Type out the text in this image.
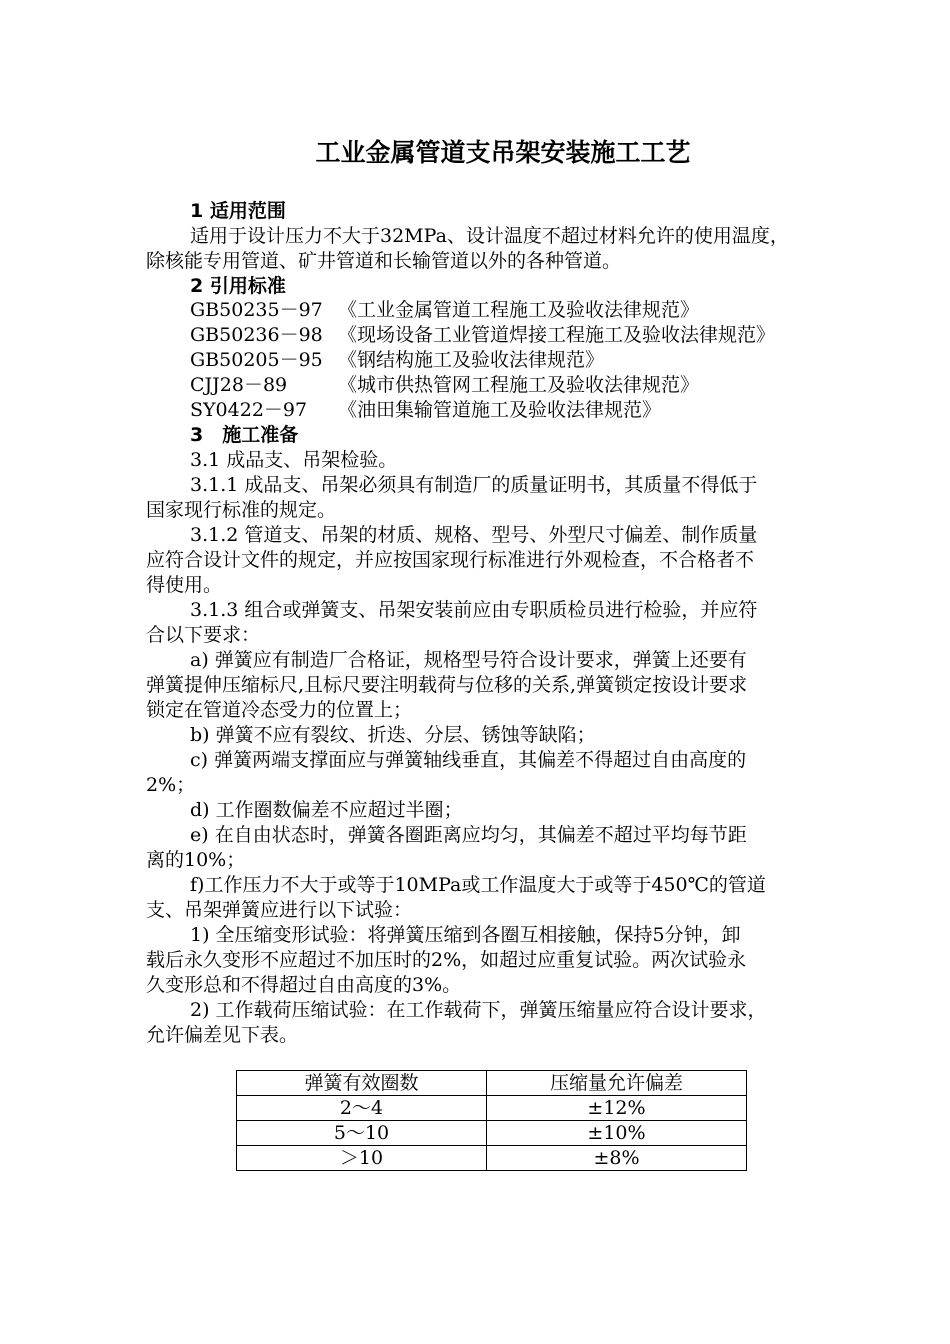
工业金属管道支吊架安装施工工艺
1 适用范围
适用于设计压力不大于32MPa、设计温度不超过材料允许的使用温度，
除核能专用管道、矿井管道和长输管道以外的各种管道。
2 引用标准
GB50235－97 《工业金属管道工程施工及验收法律规范》
GB50236－98 《现场设备工业管道焊接工程施工及验收法律规范》
GB50205－95 《钢结构施工及验收法律规范》
CJJ28－89	《城市供热管网工程施工及验收法律规范》
SY0422－97 《油田集输管道施工及验收法律规范》
3　施工准备
3.1 成品支、吊架检验。
3.1.1 成品支、吊架必须具有制造厂的质量证明书，其质量不得低于
国家现行标准的规定。
3.1.2 管道支、吊架的材质、规格、型号、外型尺寸偏差、制作质量
应符合设计文件的规定，并应按国家现行标准进行外观检查，不合格者不
得使用。
3.1.3 组合或弹簧支、吊架安装前应由专职质检员进行检验，并应符
合以下要求：
a) 弹簧应有制造厂合格证，规格型号符合设计要求，弹簧上还要有
弹簧提伸压缩标尺,且标尺要注明载荷与位移的关系,弹簧锁定按设计要求
锁定在管道冷态受力的位置上；
b) 弹簧不应有裂纹、折迭、分层、锈蚀等缺陷；
c) 弹簧两端支撑面应与弹簧轴线垂直，其偏差不得超过自由高度的
2%；
d) 工作圈数偏差不应超过半圈；
e) 在自由状态时，弹簧各圈距离应均匀，其偏差不超过平均每节距
离的10%；
f)工作压力不大于或等于10MPa或工作温度大于或等于450℃的管道
支、吊架弹簧应进行以下试验：
1) 全压缩变形试验：将弹簧压缩到各圈互相接触，保持5分钟，卸
载后永久变形不应超过不加压时的2%，如超过应重复试验。两次试验永
久变形总和不得超过自由高度的3%。
2) 工作载荷压缩试验：在工作载荷下，弹簧压缩量应符合设计要求，
允许偏差见下表。
弹簧有效圈数	压缩量允许偏差
2～4	±12%
5～10	±10%
＞10	±8%
